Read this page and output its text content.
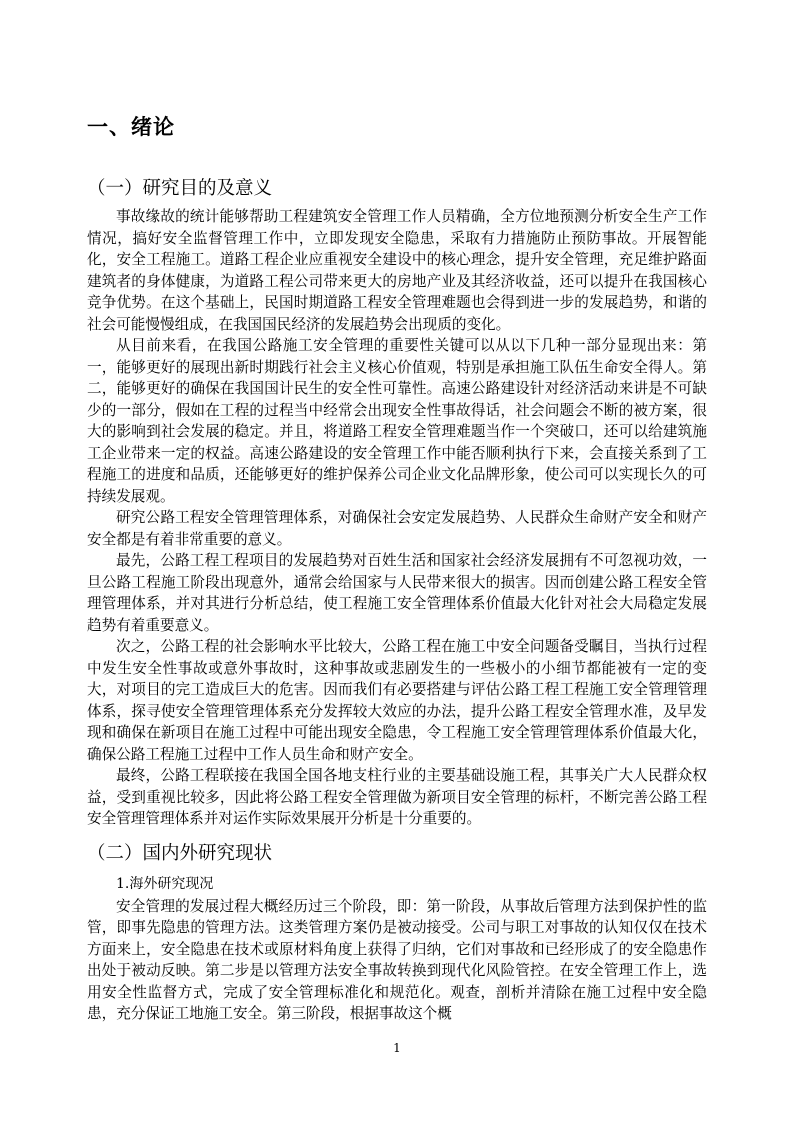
一、绪论
（一）研究目的及意义

事故缘故的统计能够帮助工程建筑安全管理工作人员精确，全方位地预测分析安全生产工作情况，搞好安全监督管理工作中，立即发现安全隐患，采取有力措施防止预防事故。开展智能化，安全工程施工。道路工程企业应重视安全建设中的核心理念，提升安全管理，充足维护路面建筑者的身体健康，为道路工程公司带来更大的房地产业及其经济收益，还可以提升在我国核心竞争优势。在这个基础上，民国时期道路工程安全管理难题也会得到进一步的发展趋势，和谐的社会可能慢慢组成，在我国国民经济的发展趋势会出现质的变化。

从目前来看，在我国公路施工安全管理的重要性关键可以从以下几种一部分显现出来：第一，能够更好的展现出新时期践行社会主义核心价值观，特别是承担施工队伍生命安全得人。第二，能够更好的确保在我国国计民生的安全性可靠性。高速公路建设针对经济活动来讲是不可缺少的一部分，假如在工程的过程当中经常会出现安全性事故得话，社会问题会不断的被方案，很大的影响到社会发展的稳定。并且，将道路工程安全管理难题当作一个突破口，还可以给建筑施工企业带来一定的权益。高速公路建设的安全管理工作中能否顺利执行下来，会直接关系到了工程施工的进度和品质，还能够更好的维护保养公司企业文化品牌形象，使公司可以实现长久的可持续发展观。

研究公路工程安全管理管理体系，对确保社会安定发展趋势、人民群众生命财产安全和财产安全都是有着非常重要的意义。

最先，公路工程工程项目的发展趋势对百姓生活和国家社会经济发展拥有不可忽视功效，一旦公路工程施工阶段出现意外，通常会给国家与人民带来很大的损害。因而创建公路工程安全管理管理体系，并对其进行分析总结，使工程施工安全管理体系价值最大化针对社会大局稳定发展趋势有着重要意义。

次之，公路工程的社会影响水平比较大，公路工程在施工中安全问题备受瞩目，当执行过程中发生安全性事故或意外事故时，这种事故或悲剧发生的一些极小的小细节都能被有一定的变大，对项目的完工造成巨大的危害。因而我们有必要搭建与评估公路工程工程施工安全管理管理体系，探寻使安全管理管理体系充分发挥较大效应的办法，提升公路工程安全管理水准，及早发现和确保在新项目在施工过程中可能出现安全隐患，令工程施工安全管理管理体系价值最大化，确保公路工程施工过程中工作人员生命和财产安全。

最终，公路工程联接在我国全国各地支柱行业的主要基础设施工程，其事关广大人民群众权益，受到重视比较多，因此将公路工程安全管理做为新项目安全管理的标杆，不断完善公路工程安全管理管理体系并对运作实际效果展开分析是十分重要的。

（二）国内外研究现状
1.海外研究现况

安全管理的发展过程大概经历过三个阶段，即：第一阶段，从事故后管理方法到保护性的监管，即事先隐患的管理方法。这类管理方案仍是被动接受。公司与职工对事故的认知仅仅在技术方面来上，安全隐患在技术或原材料角度上获得了归纳，它们对事故和已经形成了的安全隐患作出处于被动反映。第二步是以管理方法安全事故转换到现代化风险管控。在安全管理工作上，选用安全性监督方式，完成了安全管理标准化和规范化。观查，剖析并清除在施工过程中安全隐患，充分保证工地施工安全。第三阶段，根据事故这个概

1
